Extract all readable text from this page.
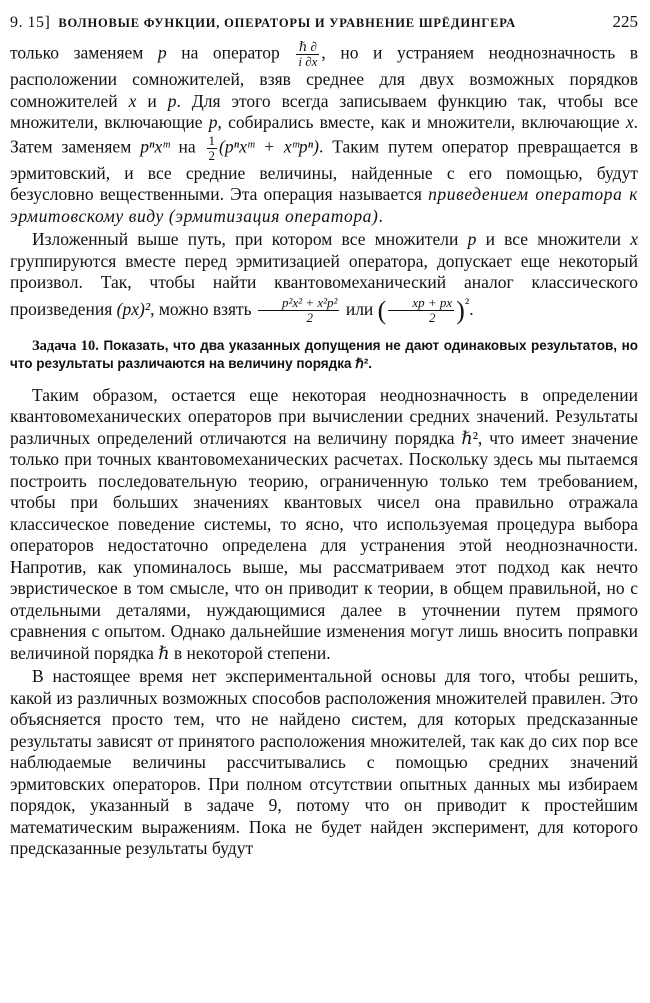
9. 15] ВОЛНОВЫЕ ФУНКЦИИ, ОПЕРАТОРЫ И УРАВНЕНИЕ ШРЁДИНГЕРА	225

только заменяем p на оператор $\frac{\text{ℏ ∂}}{i \partial x}$ , но и устраняем неоднозначность в расположении сомножителей, взяв среднее для двух возможных порядков сомножителей x и p. Для этого всегда записываем функцию так, чтобы все множители, включающие p, собирались вместе, как и множители, включающие x. Затем заменяем pⁿxᵐ на $\frac{1}{2}$ (pⁿxᵐ + xᵐpⁿ). Таким путем оператор превращается в эрмитовский, и все средние величины, найденные с его помощью, будут безусловно вещественными. Эта операция называется приведением оператора к эрмитовскому виду (эрмитизация оператора).

Изложенный выше путь, при котором все множители p и все множители x группируются вместе перед эрмитизацией оператора, допускает еще некоторый произвол. Так, чтобы найти квантовомеханический аналог классического произведения (px)², можно взять $\frac{\text{p²x² + x²p²}}{2}$ или ( $\frac{xp + px}{2} )^{^2}$.

Задача 10. Показать, что два указанных допущения не дают одинаковых результатов, но что результаты различаются на величину порядка ℏ².

Таким образом, остается еще некоторая неоднозначность в определении квантовомеханических операторов при вычислении средних значений. Результаты различных определений отличаются на величину порядка ℏ², что имеет значение только при точных квантовомеханических расчетах. Поскольку здесь мы пытаемся построить последовательную теорию, ограниченную только тем требованием, чтобы при больших значениях квантовых чисел она правильно отражала классическое поведение системы, то ясно, что используемая процедура выбора операторов недостаточно определена для устранения этой неоднозначности. Напротив, как упоминалось выше, мы рассматриваем этот подход как нечто эвристическое в том смысле, что он приводит к теории, в общем правильной, но с отдельными деталями, нуждающимися далее в уточнении путем прямого сравнения с опытом. Однако дальнейшие изменения могут лишь вносить поправки величиной порядка ℏ в некоторой степени.

В настоящее время нет экспериментальной основы для того, чтобы решить, какой из различных возможных способов расположения множителей правилен. Это объясняется просто тем, что не найдено систем, для которых предсказанные результаты зависят от принятого расположения множителей, так как до сих пор все наблюдаемые величины рассчитывались с помощью средних значений эрмитовских операторов. При полном отсутствии опытных данных мы избираем порядок, указанный в задаче 9, потому что он приводит к простейшим математическим выражениям. Пока не будет найден эксперимент, для которого предсказанные результаты будут
